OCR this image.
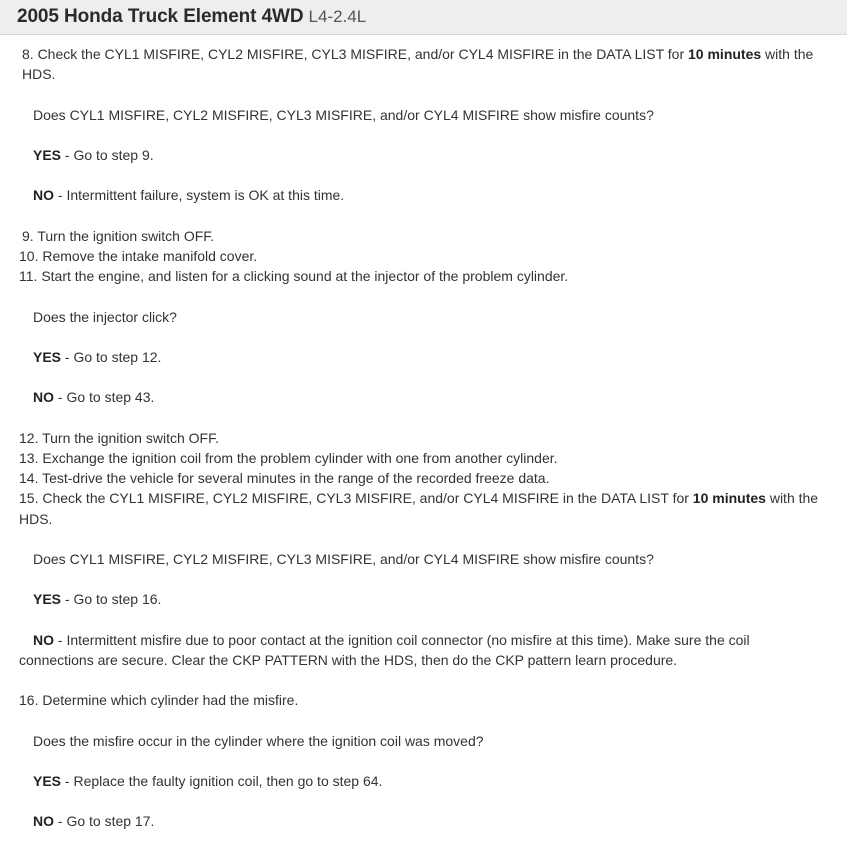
2005 Honda Truck Element 4WD L4-2.4L

8. Check the CYL1 MISFIRE, CYL2 MISFIRE, CYL3 MISFIRE, and/or CYL4 MISFIRE in the DATA LIST for 10 minutes with the HDS.

Does CYL1 MISFIRE, CYL2 MISFIRE, CYL3 MISFIRE, and/or CYL4 MISFIRE show misfire counts?

YES - Go to step 9.

NO - Intermittent failure, system is OK at this time.

9. Turn the ignition switch OFF.

10. Remove the intake manifold cover.

11. Start the engine, and listen for a clicking sound at the injector of the problem cylinder.

Does the injector click?

YES - Go to step 12.

NO - Go to step 43.

12. Turn the ignition switch OFF.

13. Exchange the ignition coil from the problem cylinder with one from another cylinder.

14. Test-drive the vehicle for several minutes in the range of the recorded freeze data.

15. Check the CYL1 MISFIRE, CYL2 MISFIRE, CYL3 MISFIRE, and/or CYL4 MISFIRE in the DATA LIST for 10 minutes with the HDS.

Does CYL1 MISFIRE, CYL2 MISFIRE, CYL3 MISFIRE, and/or CYL4 MISFIRE show misfire counts?

YES - Go to step 16.

NO - Intermittent misfire due to poor contact at the ignition coil connector (no misfire at this time). Make sure the coil connections are secure. Clear the CKP PATTERN with the HDS, then do the CKP pattern learn procedure.

16. Determine which cylinder had the misfire.

Does the misfire occur in the cylinder where the ignition coil was moved?

YES - Replace the faulty ignition coil, then go to step 64.

NO - Go to step 17.
